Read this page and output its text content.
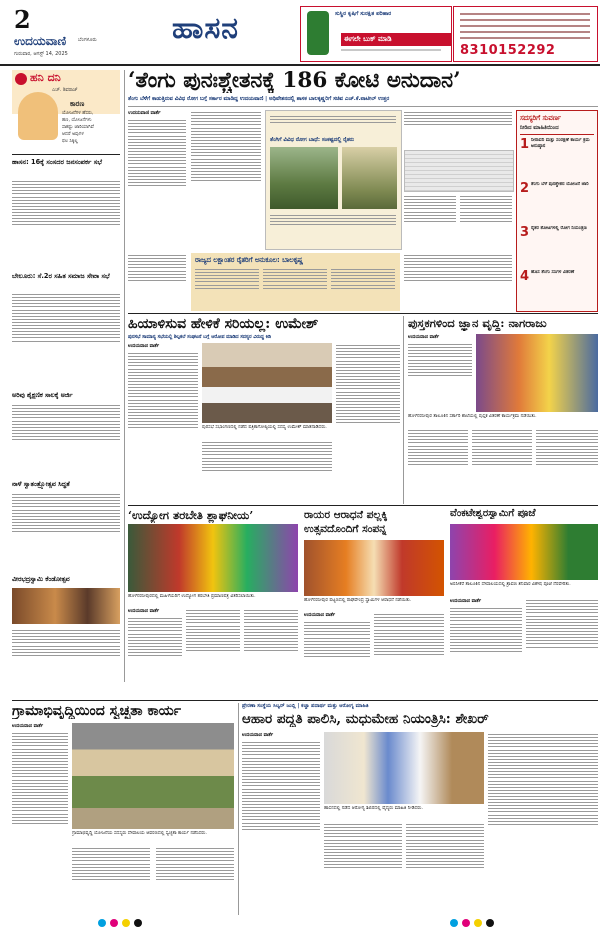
2
ಉದಯವಾಣಿ ಬೆಂಗಳೂರು
ಗುರುವಾರ, ಆಗಸ್ಟ್ 14, 2025
ಹಾಸನ	ಸುಸ್ಥಿರ ಕೃಷಿಗೆ ಸುರಕ್ಷಿತ ಪರಿಹಾರ
ಈಗಲೇ ಬುಕ್ ಮಾಡಿ
8310152292
ಹನಿ ದನಿ
ಎಚ್. ಶಿವರಾಜ್
ಕಾರಣ
ಯೋಜನೆಗಳ ಹೆಸರು,
ಹಣ, ಯೋಜನೆಗಳು
ಸಾಕಷ್ಟು ಜಾರಿಯಾಗಿವೆ
ಆದರೆ ಅವುಗಳ
ಫಲ ಸಿಕ್ಕಿಲ್ಲ
ಹಾಸನ: 16ಕ್ಕೆ ಸಂಸದರ ಜನಸಂಪರ್ಕ ಸಭೆ
ಬೇಲೂರು: ಸೆ.2ರ ಸಹಿತ ಸಮಾಜ ಸೇವಾ ಸಭೆ
ಅರಿವು ಶೈಕ್ಷಣಿಕ ಸಾಲಕ್ಕೆ ಅರ್ಜಿ
ನಾಳೆ ಸ್ವಾತಂತ್ರ್ಯೋತ್ಸವ ಸಿದ್ಧತೆ
ವೀರಭದ್ರಸ್ವಾಮಿ ಕೆಂಡೋತ್ಸವ
‘ತೆಂಗು ಪುನಃಶ್ಚೇತನಕ್ಕೆ 186 ಕೋಟಿ ಅನುದಾನ’
ತೆಂಗು ಬೆಳೆಗೆ ಕಾಡುತ್ತಿರುವ ವಿವಿಧ ರೋಗ ಬಗ್ಗೆ ಸರ್ಕಾರ ಮಾಡಿದ್ದ ಉದಯವಾಣಿ | ಅಧಿವೇಶನದಲ್ಲಿ ಶಾಸಕ ಬಾಲಕೃಷ್ಣರಿಗೆ ಸಚಿವ ಎಚ್.ಕೆ.ಪಾಟೀಲ್ ಉತ್ತರ
ಉದಯವಾಣಿ ವಾರ್ತೆ
ತೆಂಗಿಗೆ ವಿವಿಧ ರೋಗ ಬಾಧೆ: ಸಂಕಷ್ಟದಲ್ಲಿ ರೈತರು
ರಾಜ್ಯದ ಲಕ್ಷಾಂತರ ರೈತರಿಗೆ ಅನುಕೂಲ: ಬಾಲಕೃಷ್ಣ
ಸದಸ್ಯರಿಗೆ ಸುವರ್ಣ
ನೀಡಿದ ಮಾಹಿತಿಯಿಂದ
1 ನೀರಾವರಿ ಮತ್ತು ಸಂರಕ್ಷಣೆ ಕಾರ್ಯ ಕ್ರಮ ಅನುಷ್ಠಾನ
2 ತೆಂಗು ಬೆಳೆ ಪುನಶ್ಚೇತನ ಯೋಜನೆ ಜಾರಿ
3 ರೈತರ ತೋಟಗಳಲ್ಲಿ ರೋಗ ನಿಯಂತ್ರಣ
4 ಹೊಸ ತೆಂಗು ಸಸಿಗಳ ವಿತರಣೆ
ಹಿಯಾಳಿಸುವ ಹೇಳಿಕೆ ಸರಿಯಲ್ಲ: ಉಮೇಶ್
ಪುರಸಭೆ ಸಾಮಾನ್ಯ ಸಭೆಯಲ್ಲಿ ಶಿಲ್ಪಕಲೆ ಸಂಘಟನೆ ಬಗ್ಗೆ ಆರೋಪ ಮಾಡಿದ ಸದಸ್ಯರ ವಿರುದ್ಧ ಕಿಡಿ
ಉದಯವಾಣಿ ವಾರ್ತೆ
ಪುರಸಭೆ ಸಭಾಂಗಣದಲ್ಲಿ ನಡೆದ ಪತ್ರಿಕಾಗೋಷ್ಠಿಯಲ್ಲಿ ಸದಸ್ಯ ಉಮೇಶ್ ಮಾತನಾಡಿದರು.
ಪುಸ್ತಕಗಳಿಂದ ಜ್ಞಾನ ವೃದ್ಧಿ: ನಾಗರಾಜು
ಉದಯವಾಣಿ ವಾರ್ತೆ
ಹೊಳೆನರಸೀಪುರ ತಾಲೂಕಿನ ಸರ್ಕಾರಿ ಶಾಲೆಯಲ್ಲಿ ಪುಸ್ತಕ ವಿತರಣೆ ಕಾರ್ಯಕ್ರಮ ನಡೆಯಿತು.
‘ಉದ್ಯೋಗ ತರಬೇತಿ ಶ್ಲಾಘನೀಯ’
ಹೊಳೆನರಸೀಪುರದಲ್ಲಿ ಮಹಿಳೆಯರಿಗೆ ಉದ್ಯೋಗ ತರಬೇತಿ ಪ್ರಮಾಣಪತ್ರ ವಿತರಿಸಲಾಯಿತು.
ಉದಯವಾಣಿ ವಾರ್ತೆ
ರಾಯರ ಆರಾಧನೆ ಪಲ್ಲಕ್ಕಿ ಉತ್ಸವದೊಂದಿಗೆ ಸಂಪನ್ನ
ಹೊಳೆನರಸೀಪುರ ಪಟ್ಟಣದಲ್ಲಿ ರಾಘವೇಂದ್ರ ಸ್ವಾಮಿಗಳ ಆರಾಧನೆ ನಡೆಯಿತು.
ಉದಯವಾಣಿ ವಾರ್ತೆ
ವೆಂಕಟೇಶ್ವರಸ್ವಾಮಿಗೆ ಪೂಜೆ
ಅರಸೀಕೆರೆ ತಾಲೂಕಿನ ದೇವಾಲಯದಲ್ಲಿ ಶ್ರಾವಣ ಶನಿವಾರ ವಿಶೇಷ ಪೂಜೆ ನೆರವೇರಿತು.
ಉದಯವಾಣಿ ವಾರ್ತೆ
ಗ್ರಾಮಾಭಿವೃದ್ಧಿಯಿಂದ ಸ್ವಚ್ಛತಾ ಕಾರ್ಯ
ಉದಯವಾಣಿ ವಾರ್ತೆ
ಗ್ರಾಮಾಭಿವೃದ್ಧಿ ಯೋಜನೆಯ ಸದಸ್ಯರು ದೇವಾಲಯ ಆವರಣದಲ್ಲಿ ಸ್ವಚ್ಛತಾ ಕಾರ್ಯ ನಡೆಸಿದರು.
ಪ್ರೇರಣಾ ಸಂಸ್ಥೆಯ ಸಿಲ್ವರ್ ಜುಬ್ಲಿ | ಕಚ್ಚಾ ಪದಾರ್ಥ ಮತ್ತು ಆರೋಗ್ಯ ಮಾಹಿತಿ
ಆಹಾರ ಪದ್ಧತಿ ಪಾಲಿಸಿ, ಮಧುಮೇಹ ನಿಯಂತ್ರಿಸಿ: ಶೇಖರ್
ಉದಯವಾಣಿ ವಾರ್ತೆ
ಹಾಸನದಲ್ಲಿ ನಡೆದ ಆರೋಗ್ಯ ಶಿಬಿರದಲ್ಲಿ ವೈದ್ಯರು ಮಾಹಿತಿ ನೀಡಿದರು.
